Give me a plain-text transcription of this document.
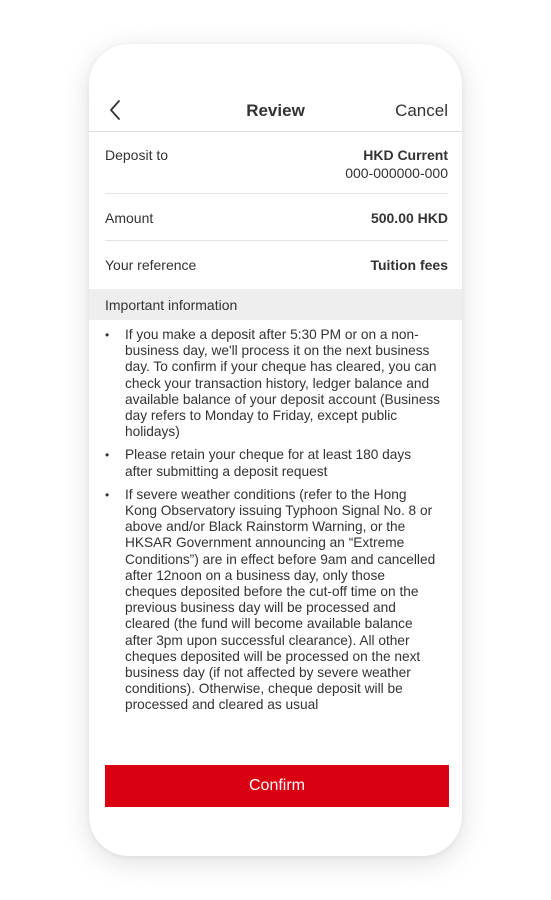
Review	Cancel
Deposit to	HKD Current
000-000000-000
Amount	500.00 HKD
Your reference	Tuition fees
Important information
• If you make a deposit after 5:30 PM or on a non-business day, we'll process it on the next business day. To confirm if your cheque has cleared, you can check your transaction history, ledger balance and available balance of your deposit account (Business day refers to Monday to Friday, except public holidays)
• Please retain your cheque for at least 180 days after submitting a deposit request
• If severe weather conditions (refer to the Hong Kong Observatory issuing Typhoon Signal No. 8 or above and/or Black Rainstorm Warning, or the HKSAR Government announcing an “Extreme Conditions”) are in effect before 9am and cancelled after 12noon on a business day, only those cheques deposited before the cut-off time on the previous business day will be processed and cleared (the fund will become available balance after 3pm upon successful clearance). All other cheques deposited will be processed on the next business day (if not affected by severe weather conditions). Otherwise, cheque deposit will be processed and cleared as usual
Confirm
